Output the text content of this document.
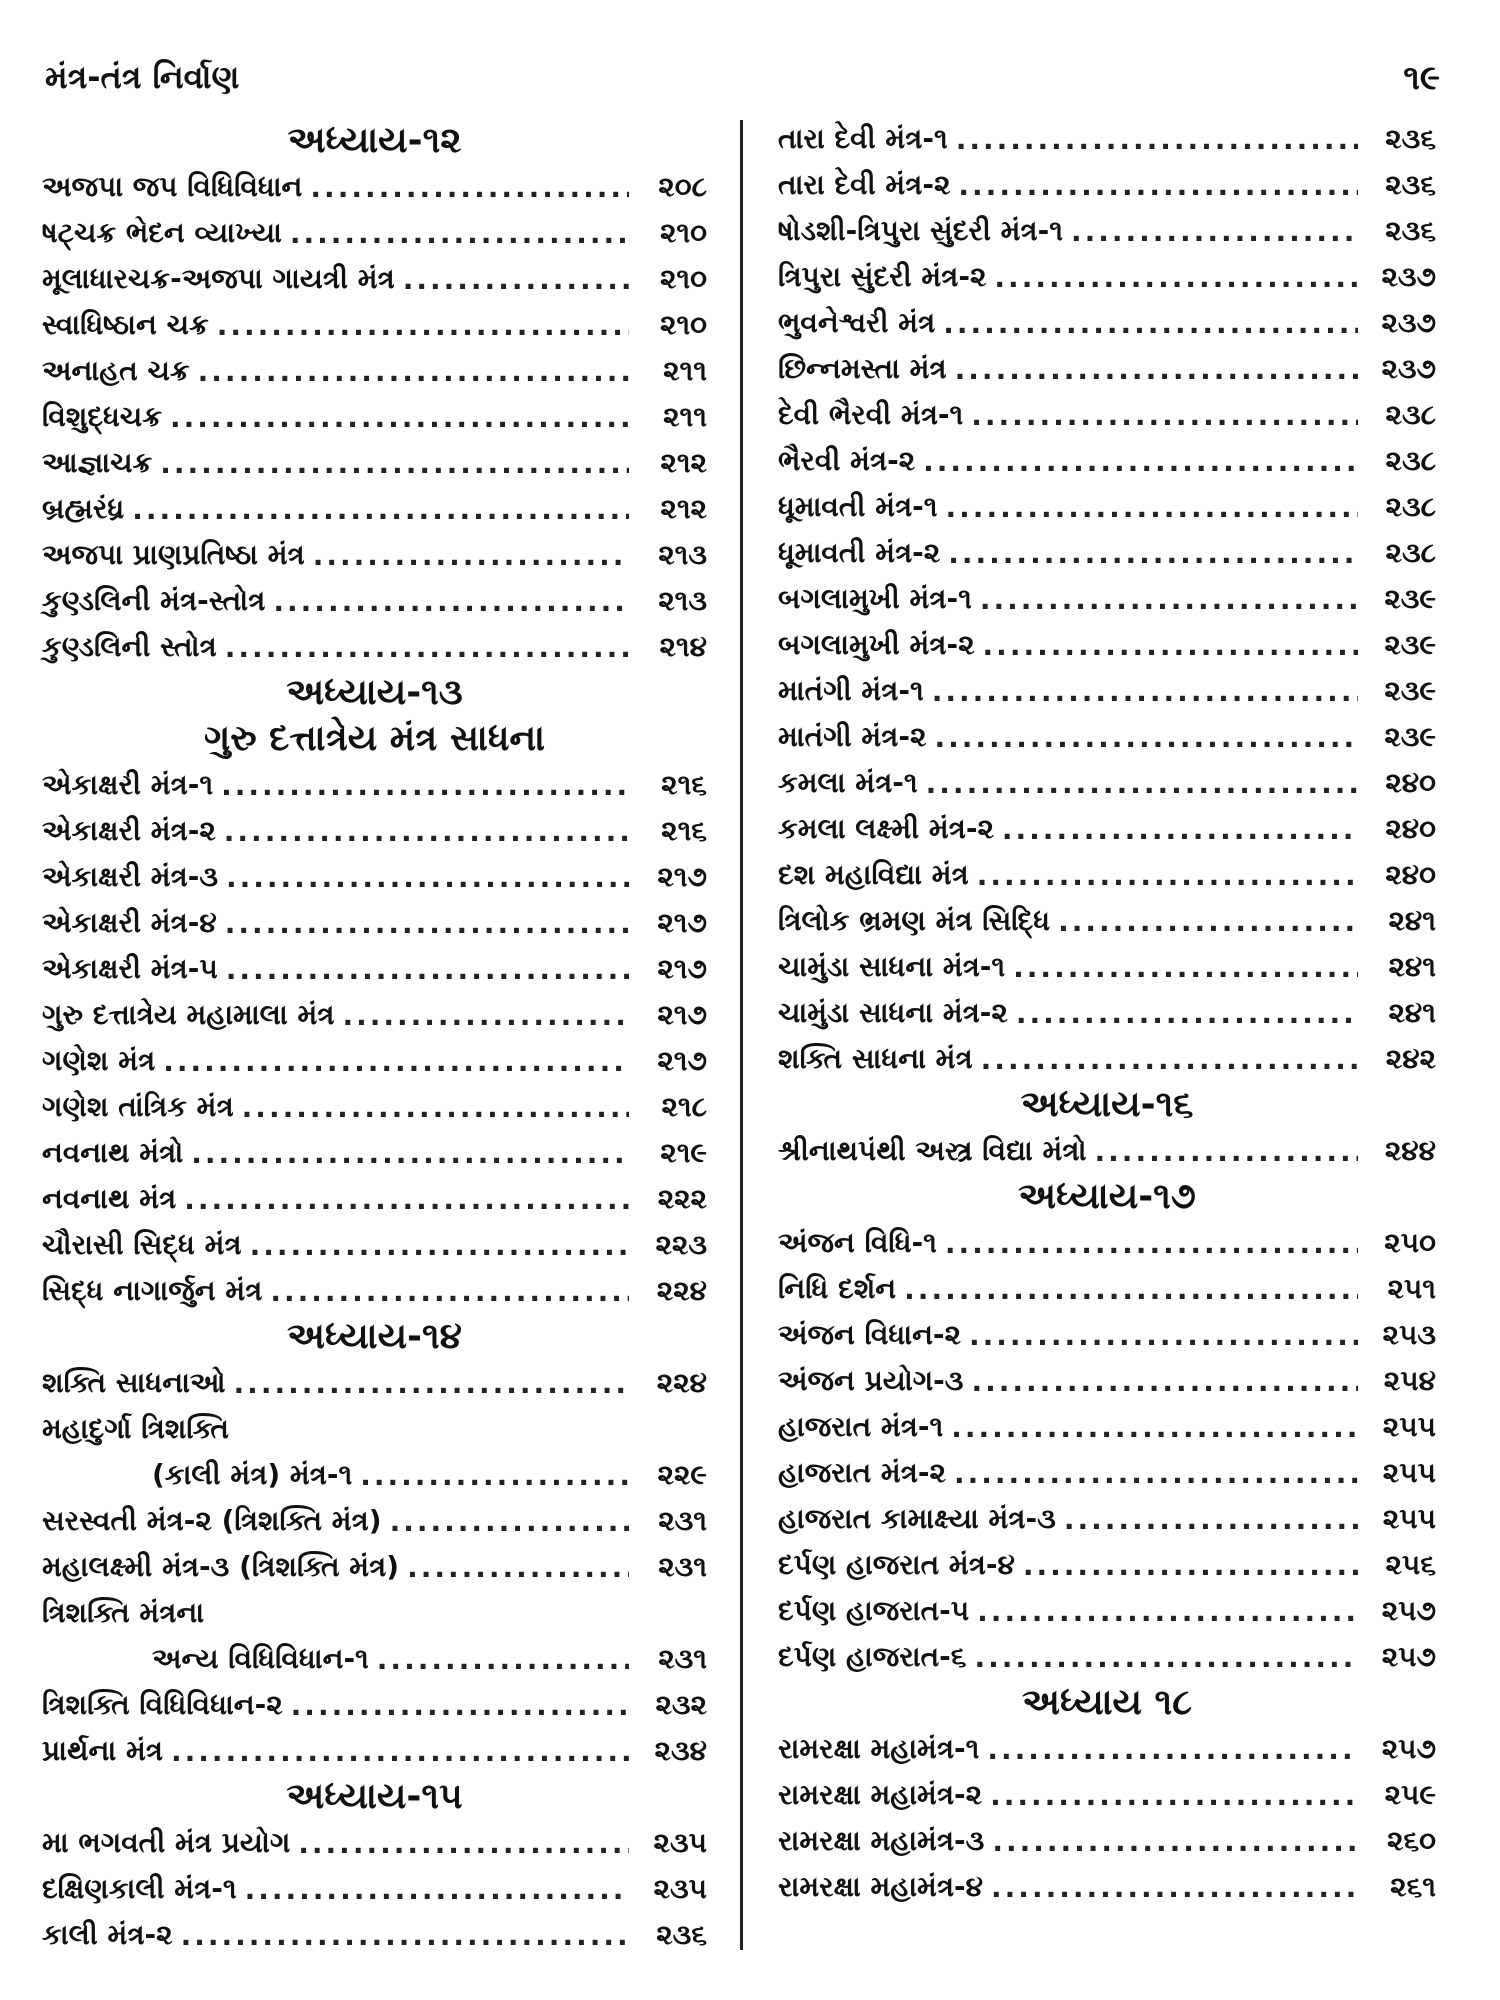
મંત્ર-તંત્ર નિર્વાણ	૧૯
અધ્યાય-૧૨
અજપા જપ વિધિવિધાન .....	૨૦૮
ષટ્ચક્ર ભેદન વ્યાખ્યા .....	૨૧૦
મૂલાધારચક્ર-અજપા ગાયત્રી મંત્ર .....	૨૧૦
સ્વાધિષ્ઠાન ચક્ર .....	૨૧૦
અનાહત ચક્ર .....	૨૧૧
વિશુદ્ધચક્ર .....	૨૧૧
આજ્ઞાચક્ર .....	૨૧૨
બ્રહ્મરંધ્ર .....	૨૧૨
અજપા પ્રાણપ્રતિષ્ઠા મંત્ર .....	૨૧૩
કુણ્ડલિની મંત્ર-સ્તોત્ર .....	૨૧૩
કુણ્ડલિની સ્તોત્ર .....	૨૧૪
અધ્યાય-૧૩
ગુરુ દત્તાત્રેય મંત્ર સાધના
એકાક્ષરી મંત્ર-૧ .....	૨૧૬
એકાક્ષરી મંત્ર-૨ .....	૨૧૬
એકાક્ષરી મંત્ર-૩ .....	૨૧૭
એકાક્ષરી મંત્ર-૪ .....	૨૧૭
એકાક્ષરી મંત્ર-૫ .....	૨૧૭
ગુરુ દત્તાત્રેય મહામાલા મંત્ર .....	૨૧૭
ગણેશ મંત્ર .....	૨૧૭
ગણેશ તાંત્રિક મંત્ર .....	૨૧૮
નવનાથ મંત્રો .....	૨૧૯
નવનાથ મંત્ર .....	૨૨૨
ચૌરાસી સિદ્ધ મંત્ર .....	૨૨૩
સિદ્ધ નાગાર્જુન મંત્ર .....	૨૨૪
અધ્યાય-૧૪
શક્તિ સાધનાઓ .....	૨૨૪
મહાદુર્ગા ત્રિશક્તિ
(કાલી મંત્ર) મંત્ર-૧ .....	૨૨૯
સરસ્વતી મંત્ર-૨ (ત્રિશક્તિ મંત્ર) .....	૨૩૧
મહાલક્ષ્મી મંત્ર-૩ (ત્રિશક્તિ મંત્ર) .....	૨૩૧
ત્રિશક્તિ મંત્રના
અન્ય વિધિવિધાન-૧ .....	૨૩૧
ત્રિશક્તિ વિધિવિધાન-૨ .....	૨૩૨
પ્રાર્થના મંત્ર .....	૨૩૪
અધ્યાય-૧૫
મા ભગવતી મંત્ર પ્રયોગ .....	૨૩૫
દક્ષિણકાલી મંત્ર-૧ .....	૨૩૫
કાલી મંત્ર-૨ .....	૨૩૬
તારા દેવી મંત્ર-૧ .....	૨૩૬
તારા દેવી મંત્ર-૨ .....	૨૩૬
ષોડશી-ત્રિપુરા સુંદરી મંત્ર-૧ .....	૨૩૬
ત્રિપુરા સુંદરી મંત્ર-૨ .....	૨૩૭
ભુવનેશ્વરી મંત્ર .....	૨૩૭
છિન્નમસ્તા મંત્ર .....	૨૩૭
દેવી ભૈરવી મંત્ર-૧ .....	૨૩૮
ભૈરવી મંત્ર-૨ .....	૨૩૮
ધૂમાવતી મંત્ર-૧ .....	૨૩૮
ધૂમાવતી મંત્ર-૨ .....	૨૩૮
બગલામુખી મંત્ર-૧ .....	૨૩૯
બગલામુખી મંત્ર-૨ .....	૨૩૯
માતંગી મંત્ર-૧ .....	૨૩૯
માતંગી મંત્ર-૨ .....	૨૩૯
કમલા મંત્ર-૧ .....	૨૪૦
કમલા લક્ષ્મી મંત્ર-૨ .....	૨૪૦
દશ મહાવિદ્યા મંત્ર .....	૨૪૦
ત્રિલોક ભ્રમણ મંત્ર સિદ્ધિ .....	૨૪૧
ચામુંડા સાધના મંત્ર-૧ .....	૨૪૧
ચામુંડા સાધના મંત્ર-૨ .....	૨૪૧
શક્તિ સાધના મંત્ર .....	૨૪૨
અધ્યાય-૧૬
શ્રીનાથપંથી અસ્ત્ર વિદ્યા મંત્રો .....	૨૪૪
અધ્યાય-૧૭
અંજન વિધિ-૧ .....	૨૫૦
નિધિ દર્શન .....	૨૫૧
અંજન વિધાન-૨ .....	૨૫૩
અંજન પ્રયોગ-૩ .....	૨૫૪
હાજરાત મંત્ર-૧ .....	૨૫૫
હાજરાત મંત્ર-૨ .....	૨૫૫
હાજરાત કામાક્ષ્યા મંત્ર-૩ .....	૨૫૫
દર્પણ હાજરાત મંત્ર-૪ .....	૨૫૬
દર્પણ હાજરાત-૫ .....	૨૫૭
દર્પણ હાજરાત-૬ .....	૨૫૭
અધ્યાય ૧૮
રામરક્ષા મહામંત્ર-૧ .....	૨૫૭
રામરક્ષા મહામંત્ર-૨ .....	૨૫૯
રામરક્ષા મહામંત્ર-૩ .....	૨૬૦
રામરક્ષા મહામંત્ર-૪ .....	૨૬૧
